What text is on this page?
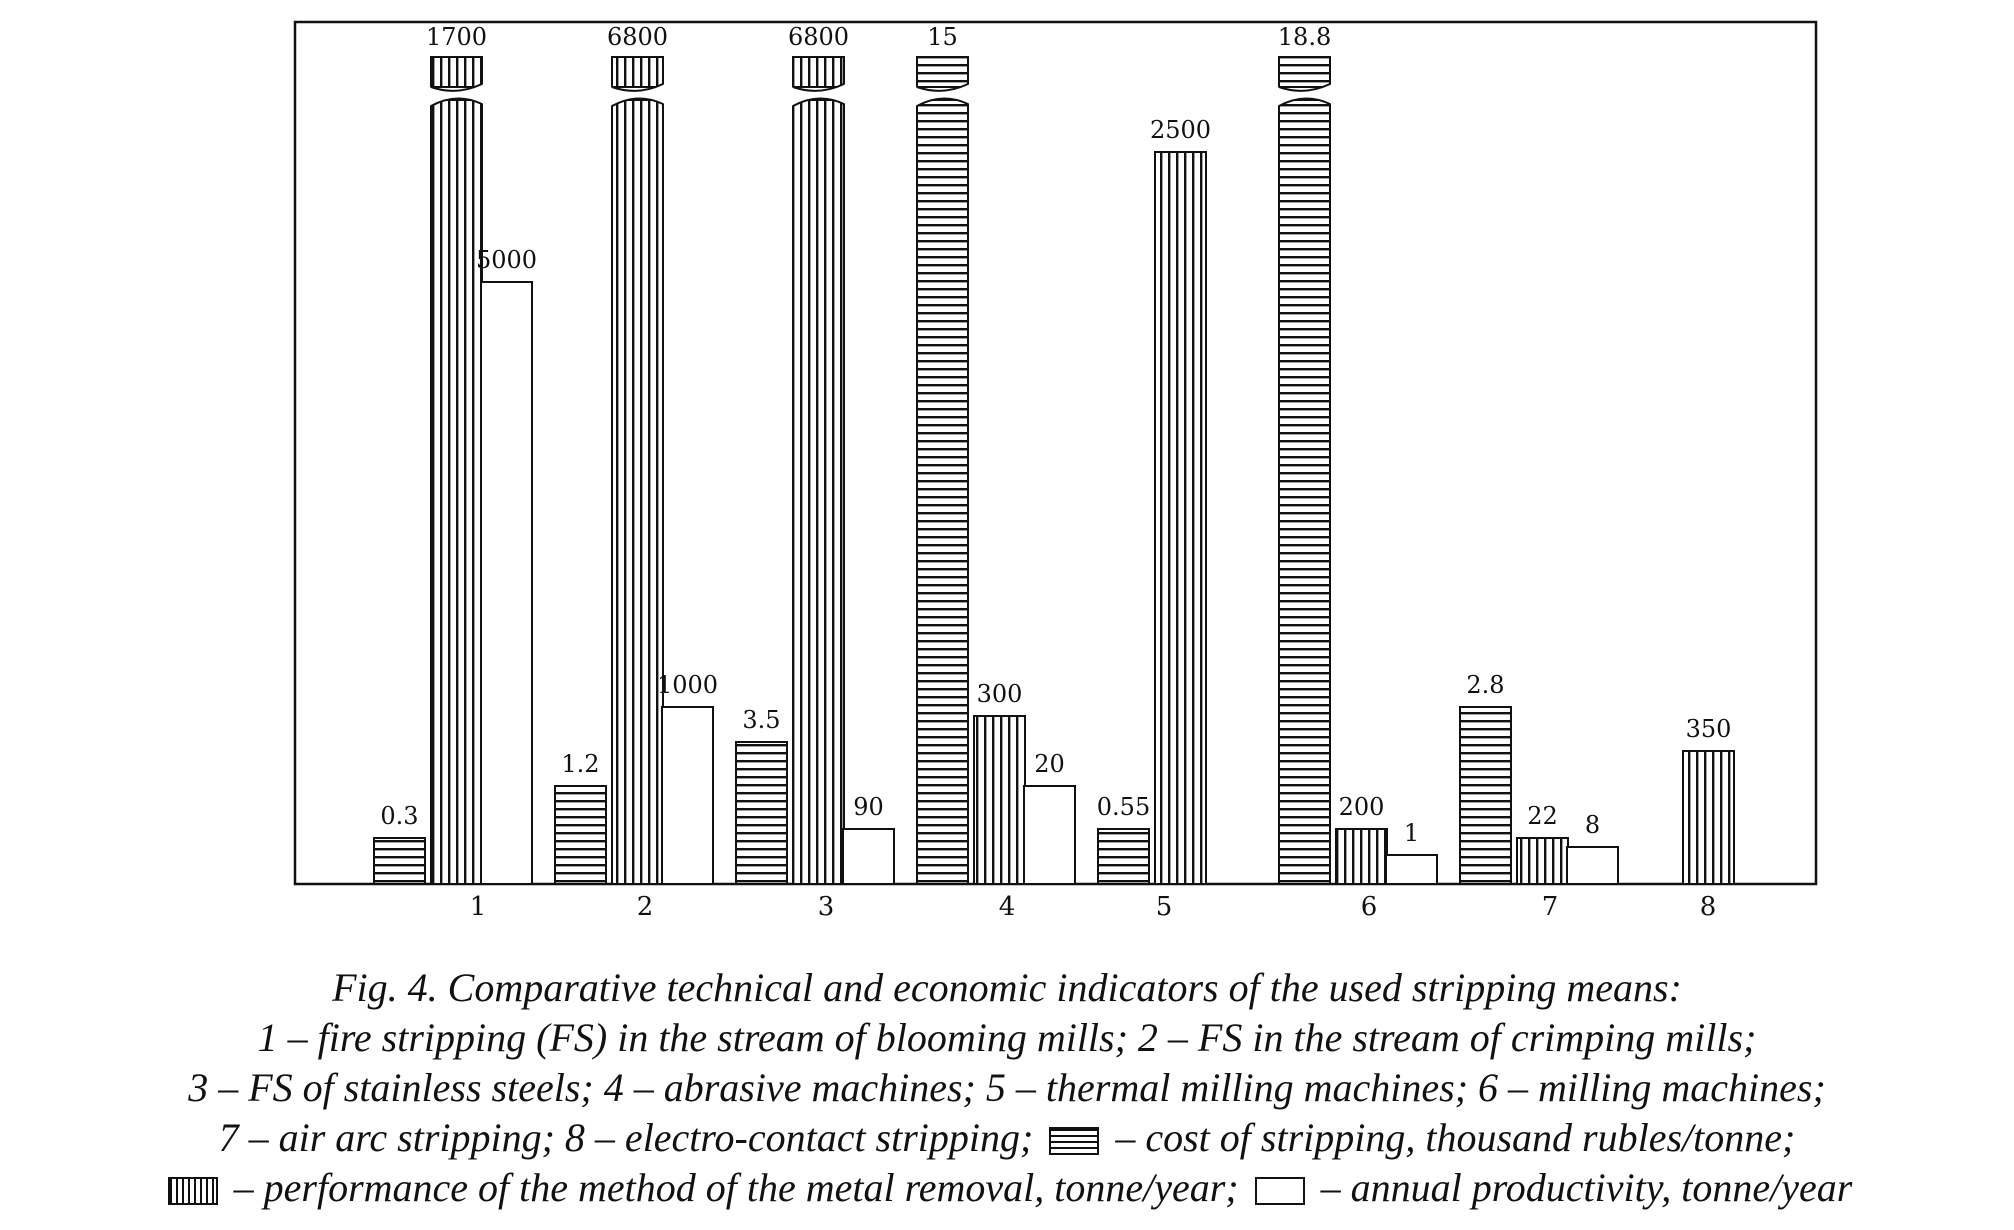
0.3
1700
5000
1.2
6800
1000
3.5
6800
90
15
300
20
0.55
2500
18.8
200
1
2.8
22 8
350
1	2	3	4	5	6	7	8
Fig. 4. Comparative technical and economic indicators of the used stripping means:
1 – fire stripping (FS) in the stream of blooming mills; 2 – FS in the stream of crimping mills;
3 – FS of stainless steels; 4 – abrasive machines; 5 – thermal milling machines; 6 – milling machines;
7 – air arc stripping; 8 – electro-contact stripping; – cost of stripping, thousand rubles/tonne;
– performance of the method of the metal removal, tonne/year; – annual productivity, tonne/year
